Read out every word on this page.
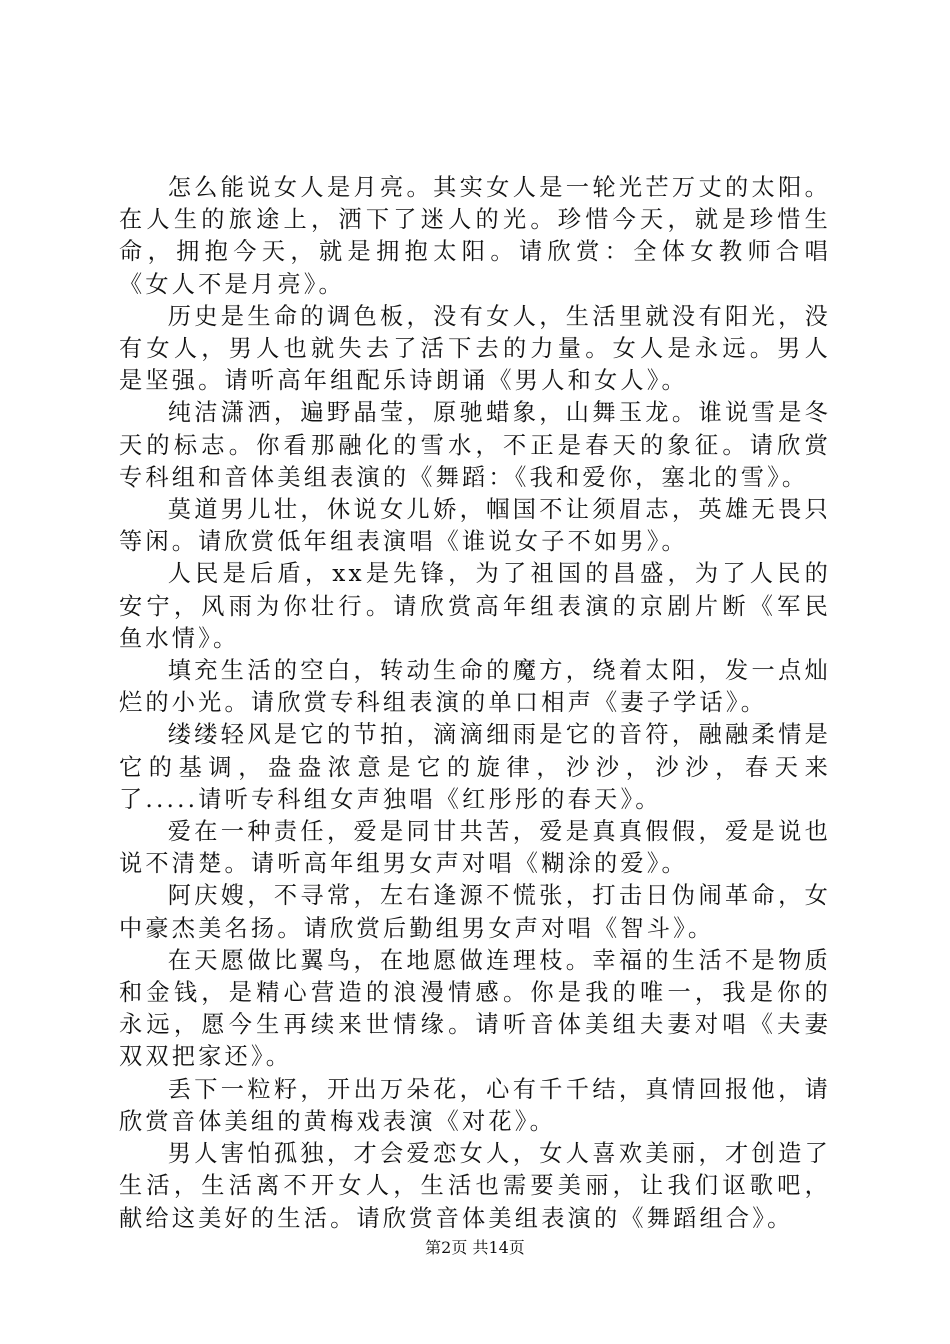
怎么能说女人是月亮。其实女人是一轮光芒万丈的太阳。在人生的旅途上，洒下了迷人的光。珍惜今天，就是珍惜生命，拥抱今天，就是拥抱太阳。请欣赏：全体女教师合唱《女人不是月亮》。

历史是生命的调色板，没有女人，生活里就没有阳光，没有女人，男人也就失去了活下去的力量。女人是永远。男人是坚强。请听高年组配乐诗朗诵《男人和女人》。

纯洁潇洒，遍野晶莹，原驰蜡象，山舞玉龙。谁说雪是冬天的标志。你看那融化的雪水，不正是春天的象征。请欣赏专科组和音体美组表演的《舞蹈：《我和爱你，塞北的雪》。

莫道男儿壮，休说女儿娇，帼国不让须眉志，英雄无畏只等闲。请欣赏低年组表演唱《谁说女子不如男》。

人民是后盾，xx是先锋，为了祖国的昌盛，为了人民的安宁，风雨为你壮行。请欣赏高年组表演的京剧片断《军民鱼水情》。

填充生活的空白，转动生命的魔方，绕着太阳，发一点灿烂的小光。请欣赏专科组表演的单口相声《妻子学话》。

缕缕轻风是它的节拍，滴滴细雨是它的音符，融融柔情是它的基调，盎盎浓意是它的旋律，沙沙，沙沙，春天来了.....请听专科组女声独唱《红彤彤的春天》。

爱在一种责任，爱是同甘共苦，爱是真真假假，爱是说也说不清楚。请听高年组男女声对唱《糊涂的爱》。

阿庆嫂，不寻常，左右逢源不慌张，打击日伪闹革命，女中豪杰美名扬。请欣赏后勤组男女声对唱《智斗》。

在天愿做比翼鸟，在地愿做连理枝。幸福的生活不是物质和金钱，是精心营造的浪漫情感。你是我的唯一，我是你的永远，愿今生再续来世情缘。请听音体美组夫妻对唱《夫妻双双把家还》。

丢下一粒籽，开出万朵花，心有千千结，真情回报他，请欣赏音体美组的黄梅戏表演《对花》。

男人害怕孤独，才会爱恋女人，女人喜欢美丽，才创造了生活，生活离不开女人，生活也需要美丽，让我们讴歌吧，献给这美好的生活。请欣赏音体美组表演的《舞蹈组合》。

第2页 共14页
